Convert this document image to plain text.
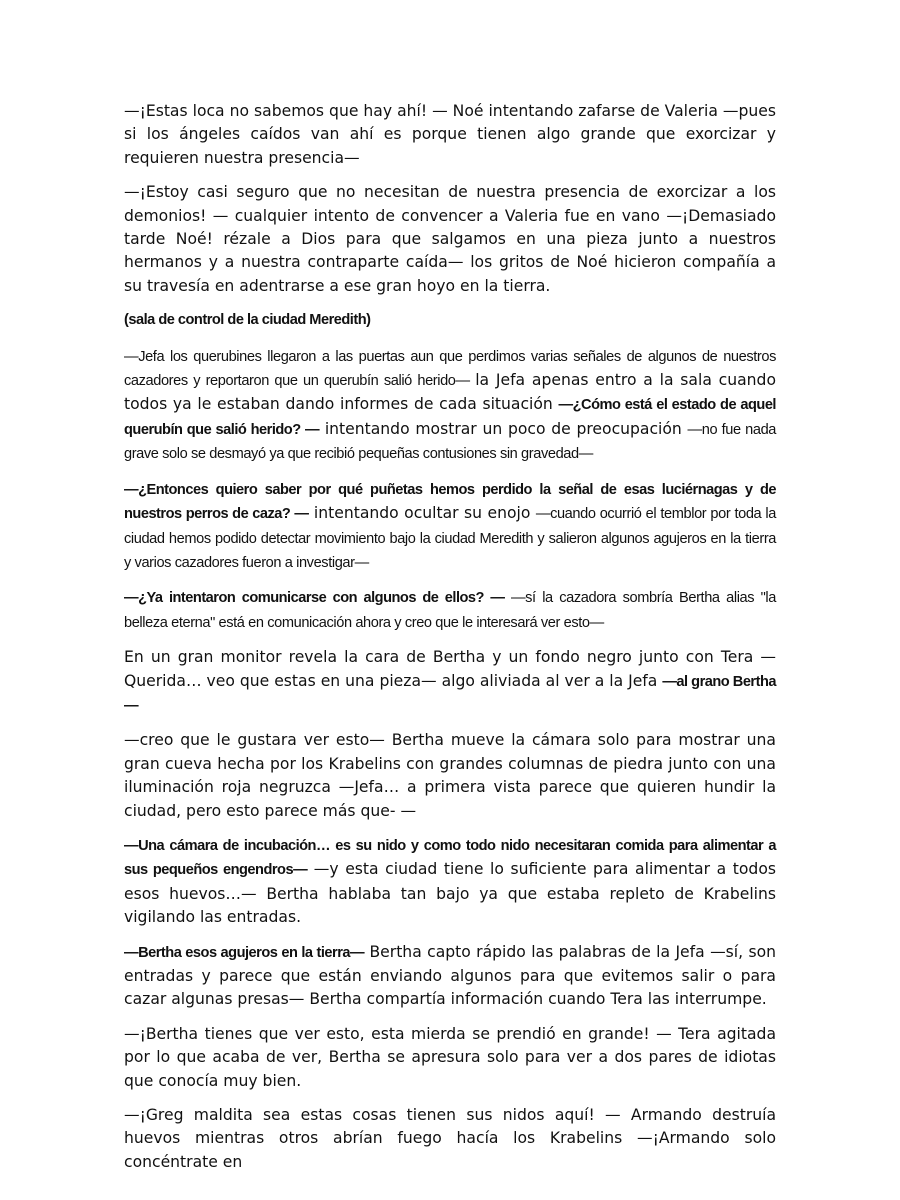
—¡Estas loca no sabemos que hay ahí! — Noé intentando zafarse de Valeria —pues si los ángeles caídos van ahí es porque tienen algo grande que exorcizar y requieren nuestra presencia—

—¡Estoy casi seguro que no necesitan de nuestra presencia de exorcizar a los demonios! — cualquier intento de convencer a Valeria fue en vano —¡Demasiado tarde Noé! rézale a Dios para que salgamos en una pieza junto a nuestros hermanos y a nuestra contraparte caída— los gritos de Noé hicieron compañía a su travesía en adentrarse a ese gran hoyo en la tierra.

(sala de control de la ciudad Meredith)

—Jefa los querubines llegaron a las puertas aun que perdimos varias señales de algunos de nuestros cazadores y reportaron que un querubín salió herido— la Jefa apenas entro a la sala cuando todos ya le estaban dando informes de cada situación —¿Cómo está el estado de aquel querubín que salió herido? — intentando mostrar un poco de preocupación —no fue nada grave solo se desmayó ya que recibió pequeñas contusiones sin gravedad—

—¿Entonces quiero saber por qué puñetas hemos perdido la señal de esas luciérnagas y de nuestros perros de caza? — intentando ocultar su enojo —cuando ocurrió el temblor por toda la ciudad hemos podido detectar movimiento bajo la ciudad Meredith y salieron algunos agujeros en la tierra y varios cazadores fueron a investigar—

—¿Ya intentaron comunicarse con algunos de ellos? — —sí la cazadora sombría Bertha alias "la belleza eterna" está en comunicación ahora y creo que le interesará ver esto—

En un gran monitor revela la cara de Bertha y un fondo negro junto con Tera — Querida… veo que estas en una pieza— algo aliviada al ver a la Jefa —al grano Bertha—

—creo que le gustara ver esto— Bertha mueve la cámara solo para mostrar una gran cueva hecha por los Krabelins con grandes columnas de piedra junto con una iluminación roja negruzca —Jefa… a primera vista parece que quieren hundir la ciudad, pero esto parece más que- —

—Una cámara de incubación… es su nido y como todo nido necesitaran comida para alimentar a sus pequeños engendros— —y esta ciudad tiene lo suficiente para alimentar a todos esos huevos…— Bertha hablaba tan bajo ya que estaba repleto de Krabelins vigilando las entradas.

—Bertha esos agujeros en la tierra— Bertha capto rápido las palabras de la Jefa —sí, son entradas y parece que están enviando algunos para que evitemos salir o para cazar algunas presas— Bertha compartía información cuando Tera las interrumpe.

—¡Bertha tienes que ver esto, esta mierda se prendió en grande! — Tera agitada por lo que acaba de ver, Bertha se apresura solo para ver a dos pares de idiotas que conocía muy bien.

—¡Greg maldita sea estas cosas tienen sus nidos aquí! — Armando destruía huevos mientras otros abrían fuego hacía los Krabelins —¡Armando solo concéntrate en
